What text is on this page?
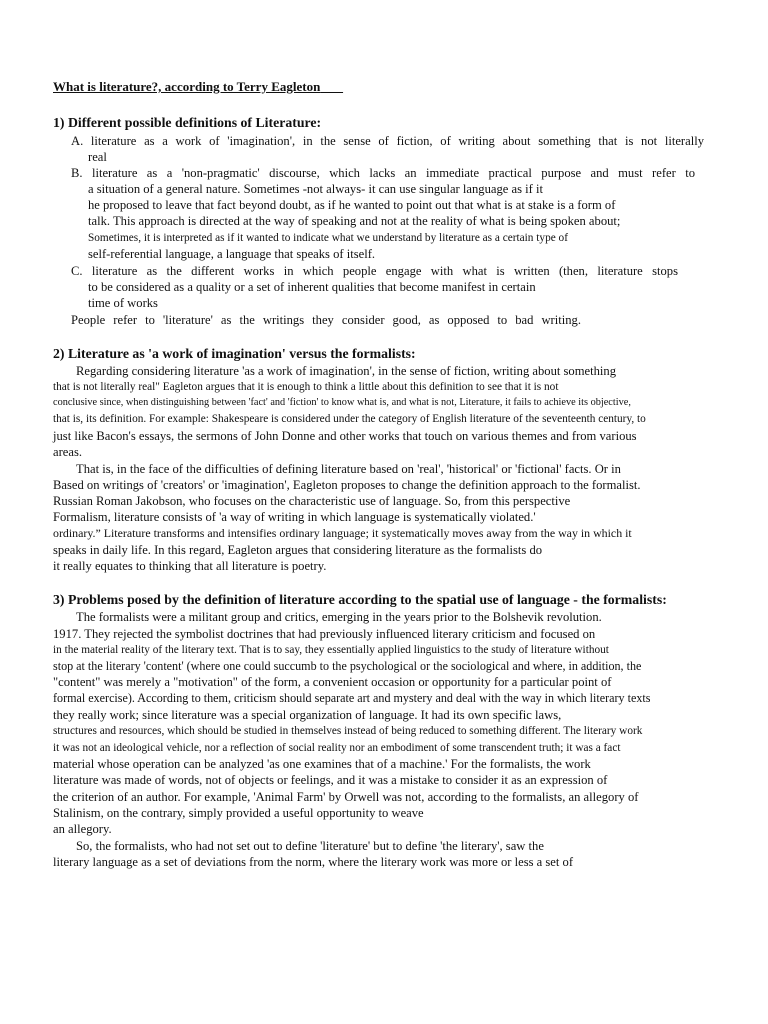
What is literature?, according to Terry Eagleton
1) Different possible definitions of Literature:
A. literature as a work of 'imagination', in the sense of fiction, of writing about something that is not literally
real
B. literature as a 'non-pragmatic' discourse, which lacks an immediate practical purpose and must refer to
a situation of a general nature. Sometimes -not always- it can use singular language as if it
he proposed to leave that fact beyond doubt, as if he wanted to point out that what is at stake is a form of
talk. This approach is directed at the way of speaking and not at the reality of what is being spoken about;
Sometimes, it is interpreted as if it wanted to indicate what we understand by literature as a certain type of
self-referential language, a language that speaks of itself.
C. literature as the different works in which people engage with what is written (then, literature stops
to be considered as a quality or a set of inherent qualities that become manifest in certain
time of works
People refer to 'literature' as the writings they consider good, as opposed to bad writing.
2) Literature as 'a work of imagination' versus the formalists:
Regarding considering literature 'as a work of imagination', in the sense of fiction, writing about something
that is not literally real" Eagleton argues that it is enough to think a little about this definition to see that it is not
conclusive since, when distinguishing between 'fact' and 'fiction' to know what is, and what is not, Literature, it fails to achieve its objective,
that is, its definition. For example: Shakespeare is considered under the category of English literature of the seventeenth century, to
just like Bacon's essays, the sermons of John Donne and other works that touch on various themes and from various
areas.
That is, in the face of the difficulties of defining literature based on 'real', 'historical' or 'fictional' facts. Or in
Based on writings of 'creators' or 'imagination', Eagleton proposes to change the definition approach to the formalist.
Russian Roman Jakobson, who focuses on the characteristic use of language. So, from this perspective
Formalism, literature consists of 'a way of writing in which language is systematically violated.'
ordinary.” Literature transforms and intensifies ordinary language; it systematically moves away from the way in which it
speaks in daily life. In this regard, Eagleton argues that considering literature as the formalists do
it really equates to thinking that all literature is poetry.
3) Problems posed by the definition of literature according to the spatial use of language - the formalists:
The formalists were a militant group and critics, emerging in the years prior to the Bolshevik revolution.
1917. They rejected the symbolist doctrines that had previously influenced literary criticism and focused on
in the material reality of the literary text. That is to say, they essentially applied linguistics to the study of literature without
stop at the literary 'content' (where one could succumb to the psychological or the sociological and where, in addition, the
"content" was merely a "motivation" of the form, a convenient occasion or opportunity for a particular point of
formal exercise). According to them, criticism should separate art and mystery and deal with the way in which literary texts
they really work; since literature was a special organization of language. It had its own specific laws,
structures and resources, which should be studied in themselves instead of being reduced to something different. The literary work
it was not an ideological vehicle, nor a reflection of social reality nor an embodiment of some transcendent truth; it was a fact
material whose operation can be analyzed 'as one examines that of a machine.' For the formalists, the work
literature was made of words, not of objects or feelings, and it was a mistake to consider it as an expression of
the criterion of an author. For example, 'Animal Farm' by Orwell was not, according to the formalists, an allegory of
Stalinism, on the contrary, simply provided a useful opportunity to weave
an allegory.
So, the formalists, who had not set out to define 'literature' but to define 'the literary', saw the
literary language as a set of deviations from the norm, where the literary work was more or less a set of
